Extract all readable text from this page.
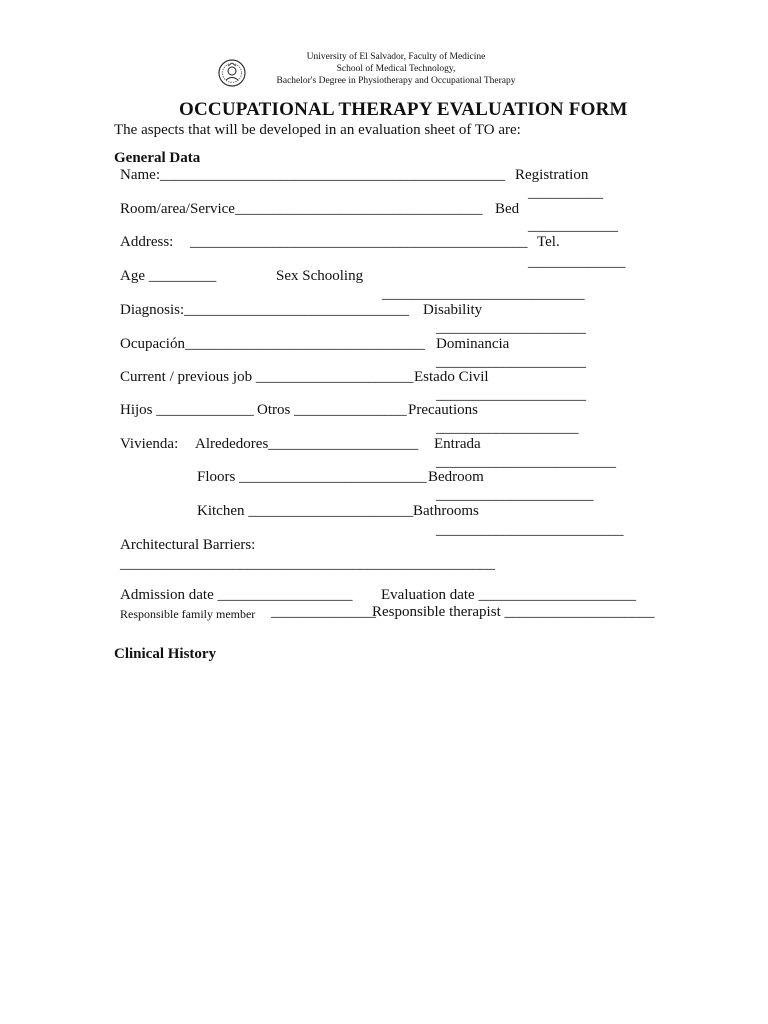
University of El Salvador, Faculty of Medicine
School of Medical Technology,
Bachelor's Degree in Physiotherapy and Occupational Therapy
OCCUPATIONAL THERAPY EVALUATION FORM
The aspects that will be developed in an evaluation sheet of TO are:
General Data
Name:______________________________________________ Registration
__________
Room/area/Service_________________________________ Bed
____________
Address: _____________________________________________ Tel.
_____________
Age _________	Sex Schooling
___________________________
Diagnosis:______________________________ Disability
____________________
Ocupación________________________________ Dominancia
____________________
Current / previous job _____________________ Estado Civil
____________________
Hijos _____________ Otros _______________ Precautions
___________________
Vivienda: Alrededores____________________ Entrada
________________________
Floors _________________________ Bedroom
_____________________
Kitchen ______________________ Bathrooms
_________________________
Architectural Barriers:
__________________________________________________
Admission date __________________ Evaluation date _____________________
Responsible family member ______________
Responsible therapist ____________________
Clinical History
